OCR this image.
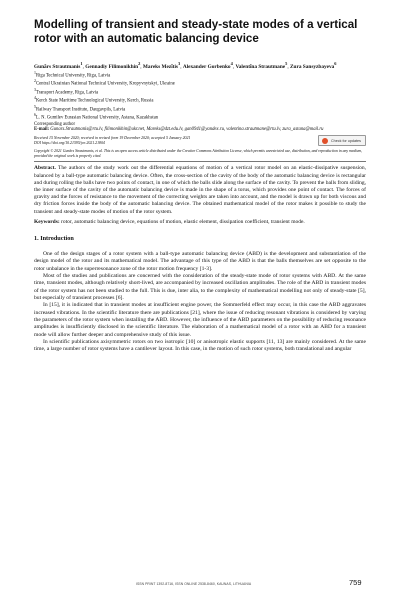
Modelling of transient and steady-state modes of a vertical rotor with an automatic balancing device

Gunārs Strautmanis$^1$, Gennadiy Filimonikhin$^2$, Mareks Mezītis$^3$, Alexander Gorbenko$^4$, Valentīna Strautmane$^5$, Zura Sansyzbayeva$^6$

$^1$Riga Technical University, Riga, Latvia

$^2$Central Ukrainian National Technical University, Kropyvnytskyi, Ukraine

$^3$Transport Academy, Riga, Latvia

$^4$Kerch State Maritime Technological University, Kerch, Russia

$^5$Railway Transport Institute, Daugavpils, Latvia

$^6$L. N. Gumilev Eurasian National University, Astana, Kazakhstan

Corresponding author

E-mail: Gunars.Strautmanis@rtu.lv, filimonikhin@ukr.net, Mareks@dzt.edu.lv, gan0941@yandex.ru, valentina.strautmane@rtu.lv, zura_astana@mail.ru

Received 15 November 2020; received in revised form 19 December 2020; accepted 5 January 2021
DOI https://doi.org/10.21595/jve.2021.21804
Check for updates

Copyright © 2021 Gunārs Strautmanis, et al. This is an open access article distributed under the Creative Commons Attribution License, which permits unrestricted use, distribution, and reproduction in any medium, provided the original work is properly cited.

Abstract. The authors of the study work out the differential equations of motion of a vertical rotor model on an elastic-dissipative suspension, balanced by a ball-type automatic balancing device. Often, the cross-section of the cavity of the body of the automatic balancing device is rectangular and during rolling the balls have two points of contact, in one of which the balls slide along the surface of the cavity. To prevent the balls from sliding, the inner surface of the cavity of the automatic balancing device is made in the shape of a torus, which provides one point of contact. The forces of gravity and the forces of resistance to the movement of the correcting weights are taken into account, and the model is drawn up for both viscous and dry friction forces inside the body of the automatic balancing device. The obtained mathematical model of the rotor makes it possible to study the transient and steady-state modes of motion of the rotor system.

Keywords: rotor, automatic balancing device, equations of motion, elastic element, dissipation coefficient, transient mode.

1. Introduction

One of the design stages of a rotor system with a ball-type automatic balancing device (ABD) is the development and substantiation of the design model of the rotor and its mathematical model. The advantage of this type of the ABD is that the balls themselves are set opposite to the rotor unbalance in the superresonance zone of the rotor motion frequency [1-3].

Most of the studies and publications are concerned with the consideration of the steady-state mode of rotor systems with ABD. At the same time, transient modes, although relatively short-lived, are accompanied by increased oscillation amplitudes. The role of the ABD in transient modes of the rotor system has not been studied to the full. This is due, inter alia, to the complexity of mathematical modelling not only of steady-state [5], but especially of transient processes [6].

In [15], it is indicated that in transient modes at insufficient engine power, the Sommerfeld effect may occur, in this case the ABD aggravates increased vibrations. In the scientific literature there are publications [21], where the issue of reducing resonant vibrations is considered by varying the parameters of the rotor system when installing the ABD. However, the influence of the ABD parameters on the possibility of reducing resonance amplitudes is insufficiently disclosed in the scientific literature. The elaboration of a mathematical model of a rotor with an ABD for a transient mode will allow further deeper and comprehensive study of this issue.

In scientific publications axisymmetric rotors on two isotropic [10] or anisotropic elastic supports [11, 13] are mainly considered. At the same time, a large number of rotor systems have a cantilever layout. In this case, in the motion of such rotor systems, both translational and angular

ISSN PRINT 1392-8716, ISSN ONLINE 2538-8460, KAUNAS, LITHUANIA	759
